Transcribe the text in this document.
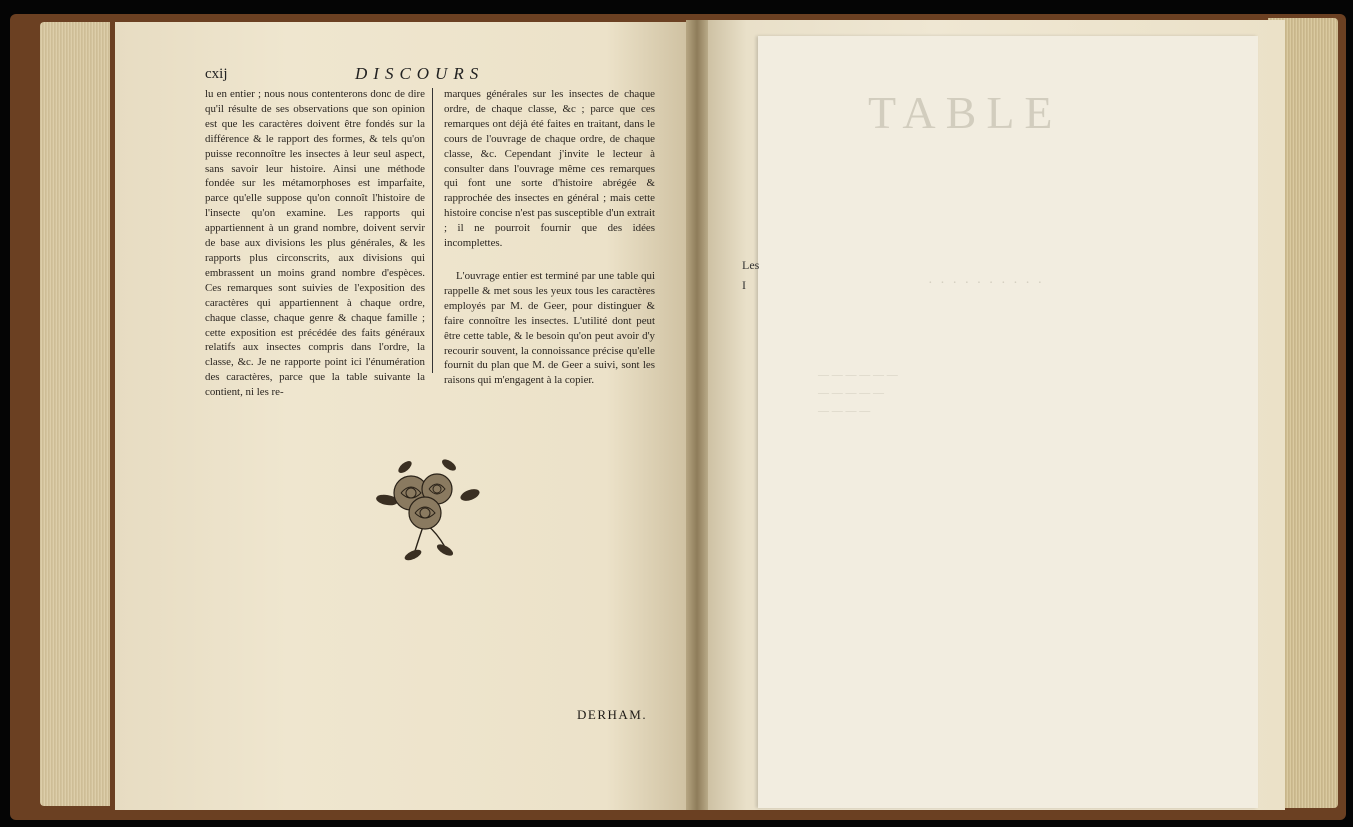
TABLE
· · · · · · · · · ·
— — — — — —
— — — — —
— — — —
Les
I
cxij	DISCOURS

lu en entier ; nous nous contenterons donc de dire qu'il résulte de ses observations que son opinion est que les caractères doivent être fondés sur la différence & le rapport des formes, & tels qu'on puisse reconnoître les insectes à leur seul aspect, sans savoir leur histoire. Ainsi une méthode fondée sur les métamorphoses est imparfaite, parce qu'elle suppose qu'on connoît l'histoire de l'insecte qu'on examine. Les rapports qui appartiennent à un grand nombre, doivent servir de base aux divisions les plus générales, & les rapports plus circonscrits, aux divisions qui embrassent un moins grand nombre d'espèces. Ces remarques sont suivies de l'exposition des caractères qui appartiennent à chaque ordre, chaque classe, chaque genre & chaque famille ; cette exposition est précédée des faits généraux relatifs aux insectes compris dans l'ordre, la classe, &c. Je ne rapporte point ici l'énumération des caractères, parce que la table suivante la contient, ni les re-

marques générales sur les insectes de chaque ordre, de chaque classe, &c ; parce que ces remarques ont déjà été faites en traitant, dans le cours de l'ouvrage de chaque ordre, de chaque classe, &c. Cependant j'invite le lecteur à consulter dans l'ouvrage même ces remarques qui font une sorte d'histoire abrégée & rapprochée des insectes en général ; mais cette histoire concise n'est pas susceptible d'un extrait ; il ne pourroit fournir que des idées incomplettes.

L'ouvrage entier est terminé par une table qui rappelle & met sous les yeux tous les caractères employés par M. de Geer, pour distinguer & faire connoître les insectes. L'utilité dont peut être cette table, & le besoin qu'on peut avoir d'y recourir souvent, la connoissance précise qu'elle fournit du plan que M. de Geer a suivi, sont les raisons qui m'engagent à la copier.

DERHAM.
